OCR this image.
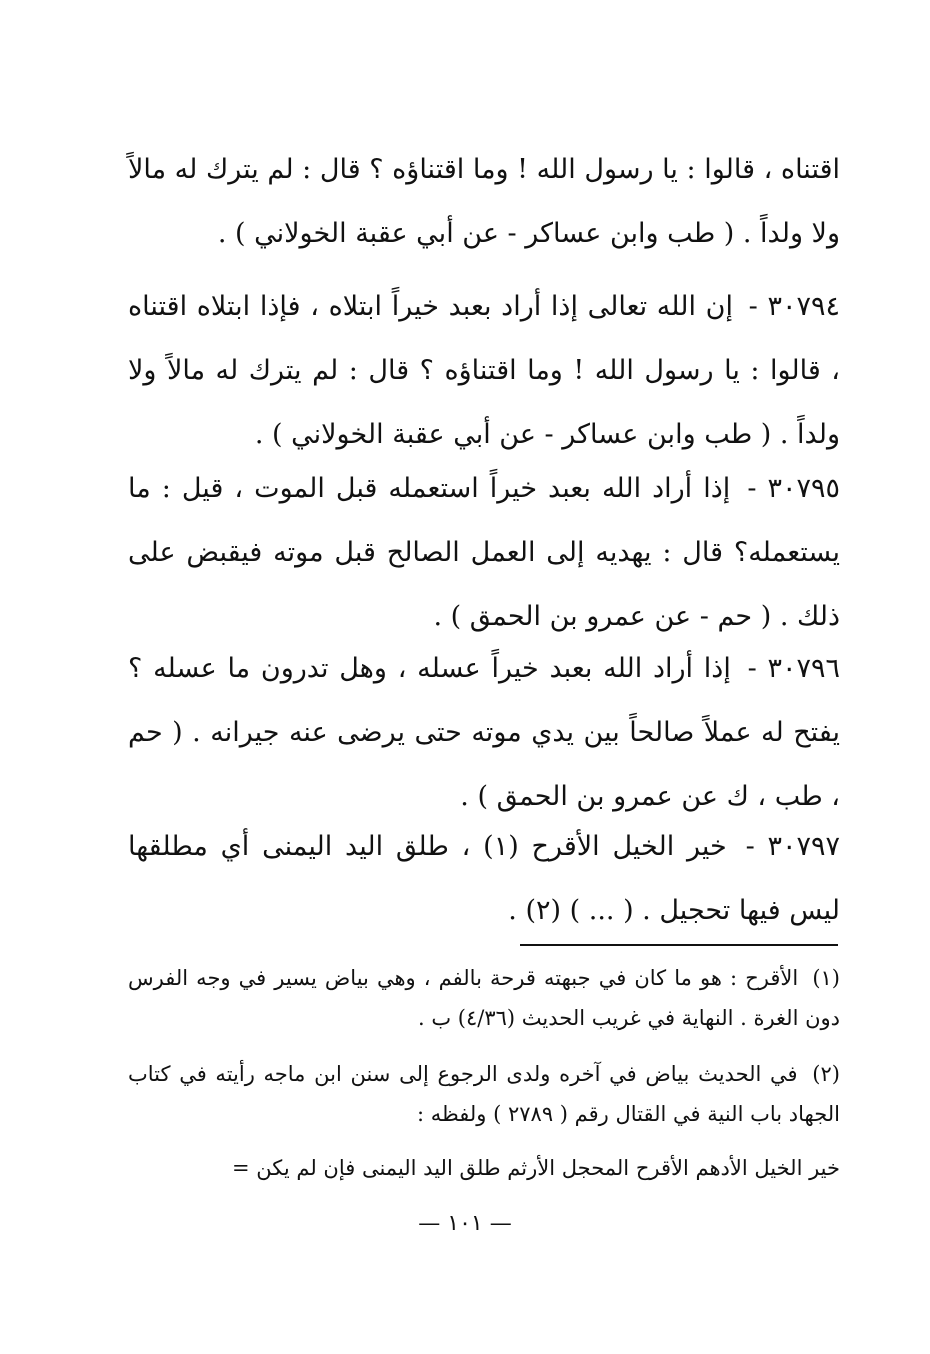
اقتناه ، قالوا : يا رسول الله ! وما اقتناؤه ؟ قال : لم يترك له مالاً ولا ولداً . ( طب وابن عساكر - عن أبي عقبة الخولاني ) .
٣٠٧٩٤ - إن الله تعالى إذا أراد بعبد خيراً ابتلاه ، فإذا ابتلاه اقتناه ، قالوا : يا رسول الله ! وما اقتناؤه ؟ قال : لم يترك له مالاً ولا ولداً . ( طب وابن عساكر - عن أبي عقبة الخولاني ) .
٣٠٧٩٥ - إذا أراد الله بعبد خيراً استعمله قبل الموت ، قيل : ما يستعمله؟ قال : يهديه إلى العمل الصالح قبل موته فيقبض على ذلك . ( حم - عن عمرو بن الحمق ) .
٣٠٧٩٦ - إذا أراد الله بعبد خيراً عسله ، وهل تدرون ما عسله ؟ يفتح له عملاً صالحاً بين يدي موته حتى يرضى عنه جيرانه . ( حم ، طب ، ك عن عمرو بن الحمق ) .
٣٠٧٩٧ - خير الخيل الأقرح (١) ، طلق اليد اليمنى أي مطلقها ليس فيها تحجيل . ( ... ) (٢) .
(١) الأقرح : هو ما كان في جبهته قرحة بالفم ، وهي بياض يسير في وجه الفرس دون الغرة . النهاية في غريب الحديث (٤/٣٦) ب .
(٢) في الحديث بياض في آخره ولدى الرجوع إلى سنن ابن ماجه رأيته في كتاب الجهاد باب النية في القتال رقم ( ٢٧٨٩ ) ولفظه :
خير الخيل الأدهم الأقرح المحجل الأرثم طلق اليد اليمنى فإن لم يكن =
— ١٠١ —
